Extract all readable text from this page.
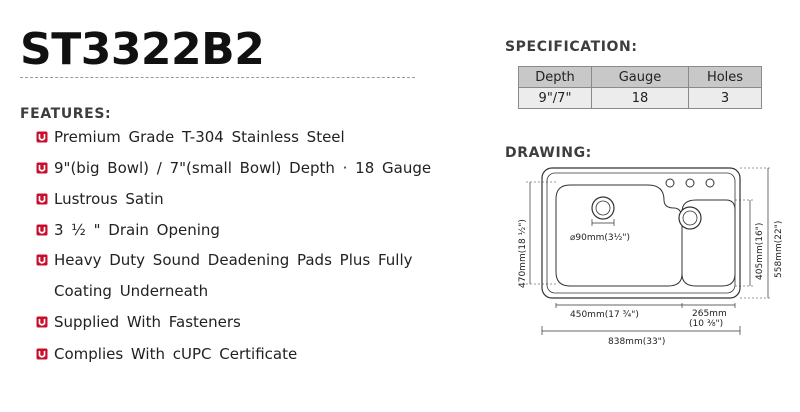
ST3322B2
FEATURES:
Premium Grade T-304 Stainless Steel
9"(big Bowl) / 7"(small Bowl) Depth · 18 Gauge
Lustrous Satin
3 ½ " Drain Opening
Heavy Duty Sound Deadening Pads Plus Fully
Coating Underneath
Supplied With Fasteners
Complies With cUPC Certificate
SPECIFICATION:
Depth	Gauge	Holes
9"/7"	18	3
DRAWING:
⌀90mm(3½")
470mm(18 ½")	405mm(16") 558mm(22")
450mm(17 ¾")	265mm
(10 ⅜")
838mm(33")
